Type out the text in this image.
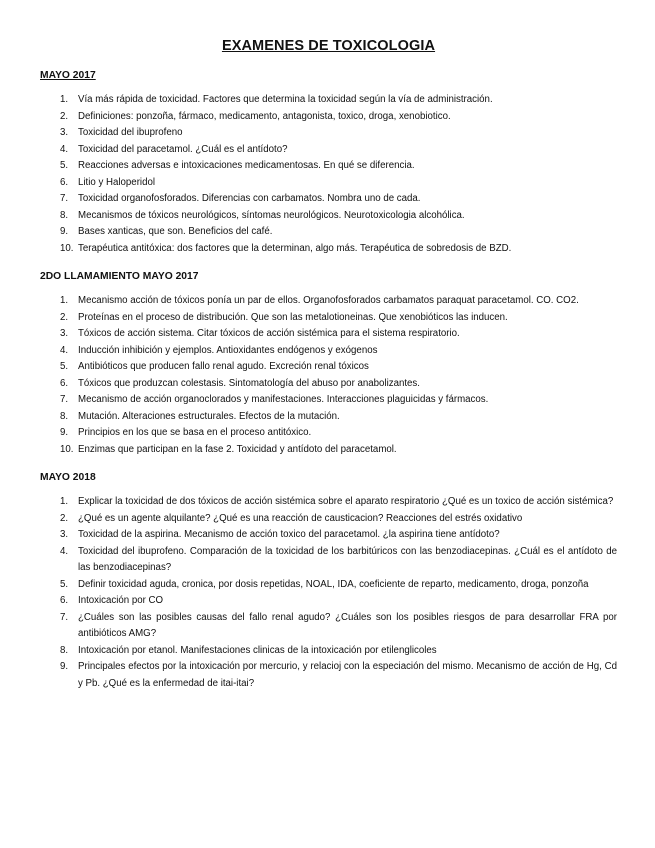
EXAMENES DE TOXICOLOGIA
MAYO 2017
1.	Vía más rápida de toxicidad. Factores que determina la toxicidad según la vía de administración.
2.	Definiciones: ponzoña, fármaco, medicamento, antagonista, toxico, droga, xenobiotico.
3.	Toxicidad del ibuprofeno
4.	Toxicidad del paracetamol. ¿Cuál es el antídoto?
5.	Reacciones adversas e intoxicaciones medicamentosas. En qué se diferencia.
6.	Litio y Haloperidol
7.	Toxicidad organofosforados. Diferencias con carbamatos. Nombra uno de cada.
8.	Mecanismos de tóxicos neurológicos, síntomas neurológicos. Neurotoxicologia alcohólica.
9.	Bases xanticas, que son. Beneficios del café.
10. Terapéutica antitóxica: dos factores que la determinan, algo más. Terapéutica de sobredosis de BZD.
2DO LLAMAMIENTO MAYO 2017
1.	Mecanismo acción de tóxicos ponía un par de ellos. Organofosforados carbamatos paraquat paracetamol. CO. CO2.
2.	Proteínas en el proceso de distribución. Que son las metalotioneinas. Que xenobióticos las inducen.
3.	Tóxicos de acción sistema. Citar tóxicos de acción sistémica para el sistema respiratorio.
4.	Inducción inhibición y ejemplos. Antioxidantes endógenos y exógenos
5.	Antibióticos que producen fallo renal agudo. Excreción renal tóxicos
6.	Tóxicos que produzcan colestasis. Sintomatología del abuso por anabolizantes.
7.	Mecanismo de acción organoclorados y manifestaciones. Interacciones plaguicidas y fármacos.
8.	Mutación. Alteraciones estructurales. Efectos de la mutación.
9.	Principios en los que se basa en el proceso antitóxico.
10. Enzimas que participan en la fase 2. Toxicidad y antídoto del paracetamol.
MAYO 2018
1.	Explicar la toxicidad de dos tóxicos de acción sistémica sobre el aparato respiratorio ¿Qué es un toxico de acción sistémica?
2.	¿Qué es un agente alquilante? ¿Qué es una reacción de causticacion? Reacciones del estrés oxidativo
3.	Toxicidad de la aspirina. Mecanismo de acción toxico del paracetamol. ¿la aspirina tiene antídoto?
4.	Toxicidad del ibuprofeno. Comparación de la toxicidad de los barbitúricos con las benzodiacepinas. ¿Cuál es el antídoto de las benzodiacepinas?
5.	Definir toxicidad aguda, cronica, por dosis repetidas, NOAL, IDA, coeficiente de reparto, medicamento, droga, ponzoña
6.	Intoxicación por CO
7.	¿Cuáles son las posibles causas del fallo renal agudo? ¿Cuáles son los posibles riesgos de para desarrollar FRA por antibióticos AMG?
8.	Intoxicación por etanol. Manifestaciones clinicas de la intoxicación por etilenglicoles
9.	Principales efectos por la intoxicación por mercurio, y relacioj con la especiación del mismo. Mecanismo de acción de Hg, Cd y Pb. ¿Qué es la enfermedad de itai-itai?
